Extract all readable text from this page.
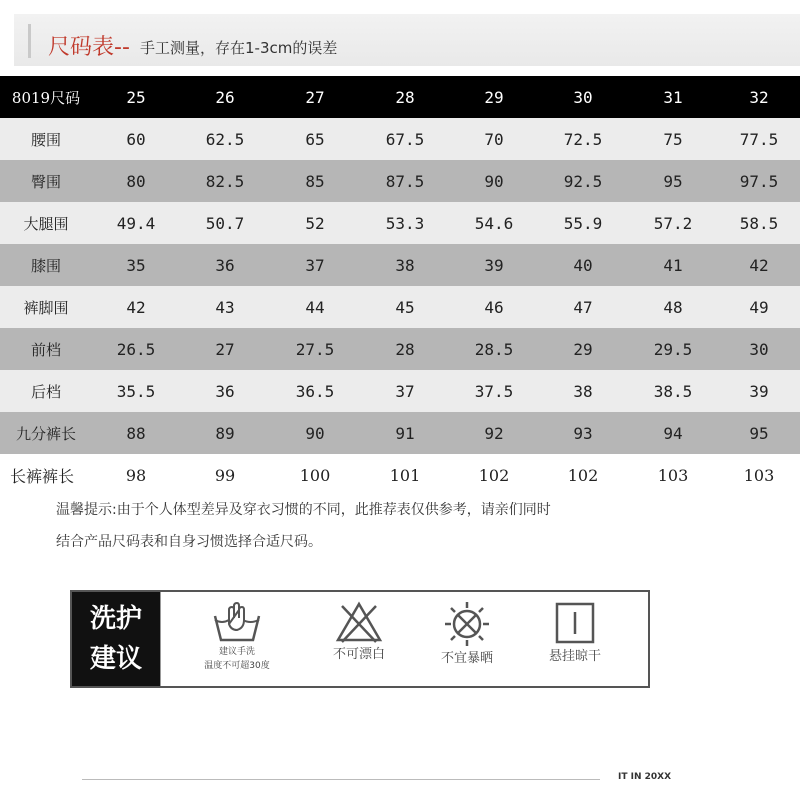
尺码表-- 手工测量，存在1-3cm的误差
8019尺码	25	26	27	28	29	30	31	32
腰围	60	62.5	65	67.5	70	72.5	75	77.5
臀围	80	82.5	85	87.5	90	92.5	95	97.5
大腿围	49.4	50.7	52	53.3	54.6	55.9	57.2	58.5
膝围	35	36	37	38	39	40	41	42
裤脚围	42	43	44	45	46	47	48	49
前档	26.5	27	27.5	28	28.5	29	29.5	30
后档	35.5	36	36.5	37	37.5	38	38.5	39
九分裤长	88	89	90	91	92	93	94	95
长裤裤长	98	99	100	101	102	102	103	103
温馨提示:由于个人体型差异及穿衣习惯的不同，此推荐表仅供参考，请亲们同时
结合产品尺码表和自身习惯选择合适尺码。
洗护
建议	建议手洗
温度不可超30度
不可漂白	不宜暴晒	悬挂晾干
IT IN 20XX
